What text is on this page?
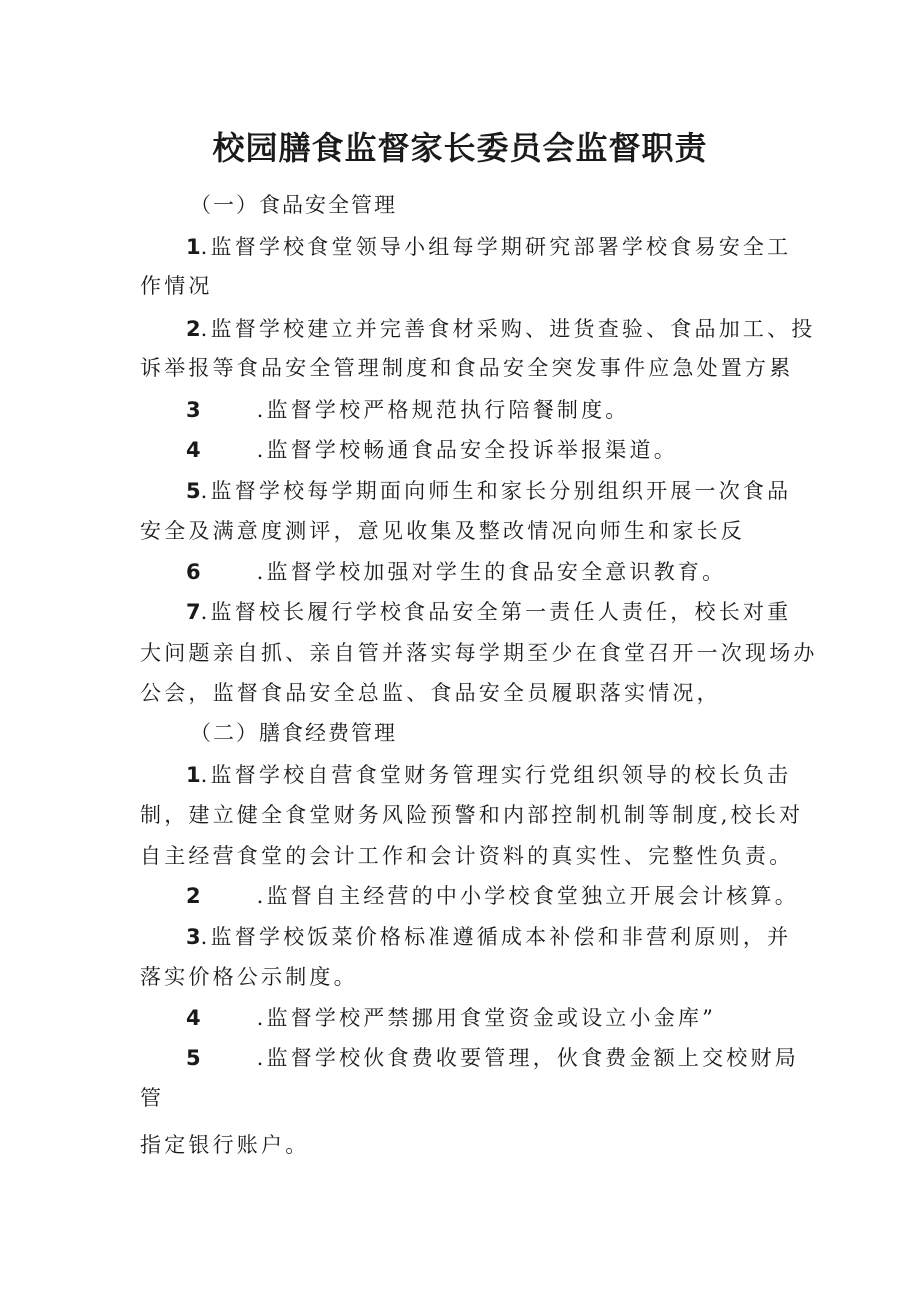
校园膳食监督家长委员会监督职责
（一）食品安全管理
1.监督学校食堂领导小组每学期研究部署学校食易安全工
作情况
2.监督学校建立并完善食材采购、进货查验、食品加工、投
诉举报等食品安全管理制度和食品安全突发事件应急处置方累
3	.监督学校严格规范执行陪餐制度。
4	.监督学校畅通食品安全投诉举报渠道。
5.监督学校每学期面向师生和家长分别组织开展一次食品
安全及满意度测评，意见收集及整改情况向师生和家长反
6	.监督学校加强对学生的食品安全意识教育。
7.监督校长履行学校食品安全第一责任人责任，校长对重
大问题亲自抓、亲自管并落实每学期至少在食堂召开一次现场办
公会，监督食品安全总监、食品安全员履职落实情况，
（二）膳食经费管理
1.监督学校自营食堂财务管理实行党组织领导的校长负击
制，建立健全食堂财务风险预警和内部控制机制等制度,校长对
自主经营食堂的会计工作和会计资料的真实性、完整性负责。
2	.监督自主经营的中小学校食堂独立开展会计核算。
3.监督学校饭菜价格标准遵循成本补偿和非营利原则，并
落实价格公示制度。
4	.监督学校严禁挪用食堂资金或设立小金库”
5	.监督学校伙食费收要管理，伙食费金额上交校财局
管
指定银行账户。
